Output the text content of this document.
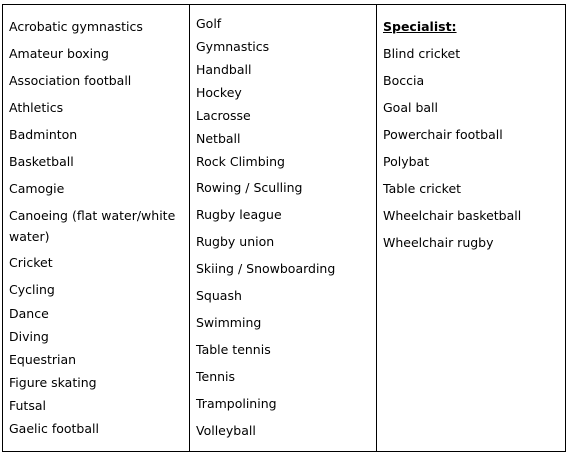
Acrobatic gymnastics
Amateur boxing
Association football
Athletics
Badminton
Basketball
Camogie
Canoeing (flat water/white water)
Cricket
Cycling
Dance
Diving
Equestrian
Figure skating
Futsal
Gaelic football

Golf
Gymnastics
Handball
Hockey
Lacrosse
Netball
Rock Climbing
Rowing / Sculling
Rugby league
Rugby union
Skiing / Snowboarding
Squash
Swimming
Table tennis
Tennis
Trampolining
Volleyball

Specialist:
Blind cricket
Boccia
Goal ball
Powerchair football
Polybat
Table cricket
Wheelchair basketball
Wheelchair rugby
